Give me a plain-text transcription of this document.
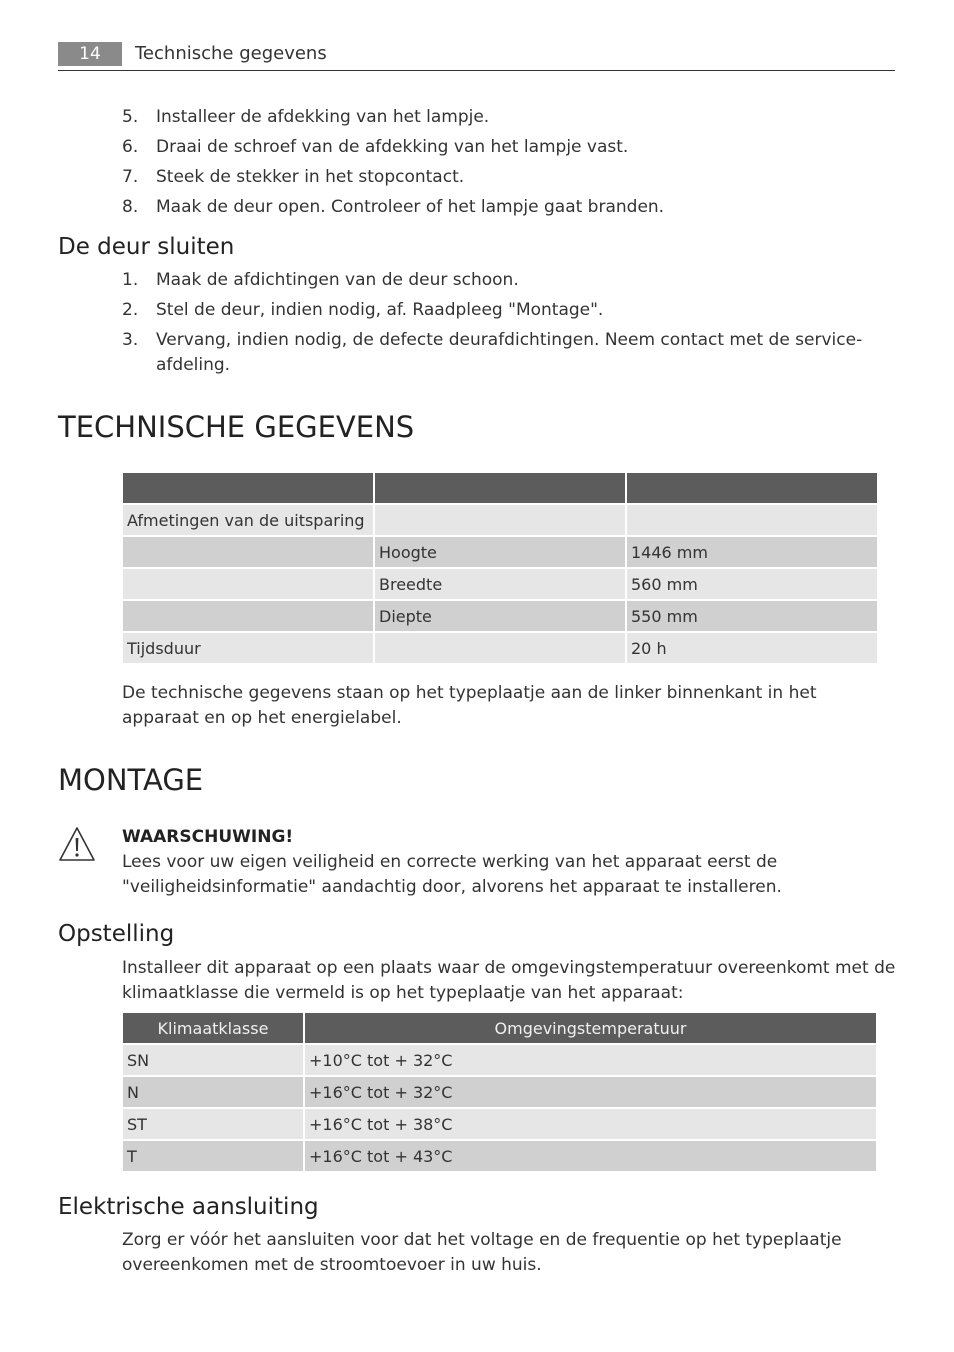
14	Technische gegevens
5. Installeer de afdekking van het lampje.
6. Draai de schroef van de afdekking van het lampje vast.
7. Steek de stekker in het stopcontact.
8. Maak de deur open. Controleer of het lampje gaat branden.
De deur sluiten
1. Maak de afdichtingen van de deur schoon.
2. Stel de deur, indien nodig, af. Raadpleeg "Montage".
3. Vervang, indien nodig, de defecte deurafdichtingen. Neem contact met de service-afdeling.
TECHNISCHE GEGEVENS

Afmetingen van de uitsparing		
	Hoogte	1446 mm
	Breedte	560 mm
	Diepte	550 mm
Tijdsduur		20 h

De technische gegevens staan op het typeplaatje aan de linker binnenkant in het apparaat en op het energielabel.

MONTAGE
WAARSCHUWING!

Lees voor uw eigen veiligheid en correcte werking van het apparaat eerst de "veiligheidsinformatie" aandachtig door, alvorens het apparaat te installeren.

Opstelling

Installeer dit apparaat op een plaats waar de omgevingstemperatuur overeenkomt met de klimaatklasse die vermeld is op het typeplaatje van het apparaat:

Klimaatklasse	Omgevingstemperatuur
SN	+10°C tot + 32°C
N	+16°C tot + 32°C
ST	+16°C tot + 38°C
T	+16°C tot + 43°C
Elektrische aansluiting

Zorg er vóór het aansluiten voor dat het voltage en de frequentie op het typeplaatje overeenkomen met de stroomtoevoer in uw huis.
